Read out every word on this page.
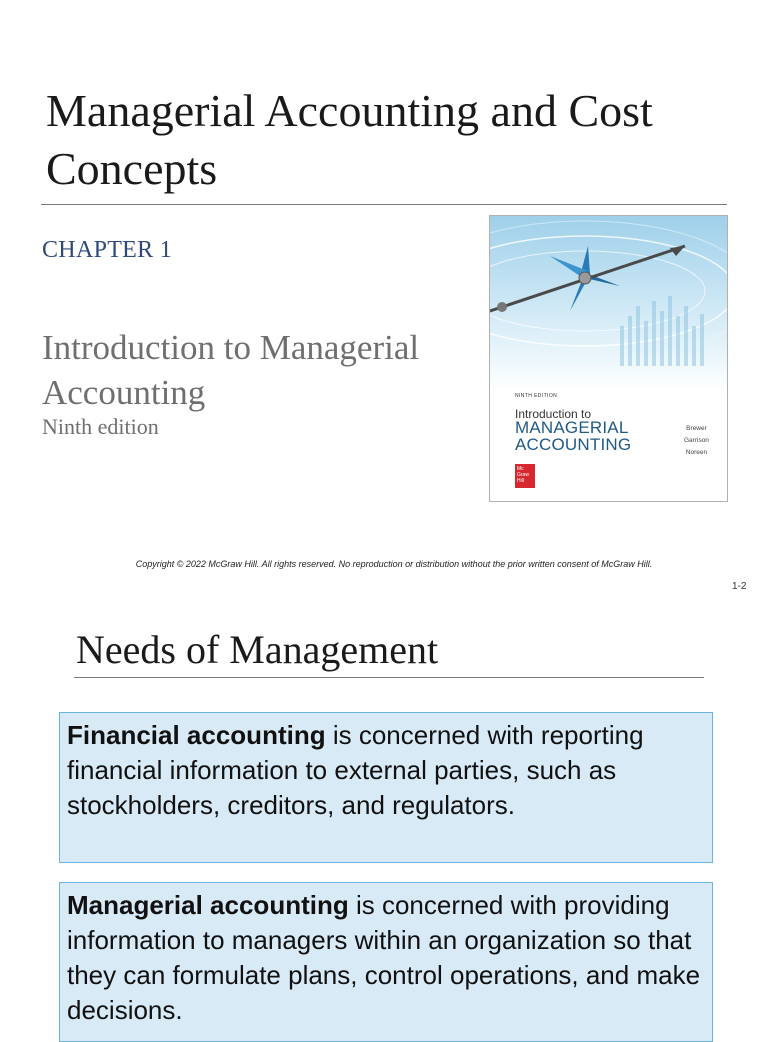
Managerial Accounting and Cost Concepts
CHAPTER 1
Introduction to Managerial Accounting
Ninth edition
NINTH EDITION
Introduction to
MANAGERIAL
ACCOUNTING
Brewer
Garrison
Noreen
Mc Graw Hill
Copyright © 2022 McGraw Hill. All rights reserved. No reproduction or distribution without the prior written consent of McGraw Hill.
1-2
Needs of Management
Financial accounting is concerned with reporting financial information to external parties, such as stockholders, creditors, and regulators.
Managerial accounting is concerned with providing information to managers within an organization so that they can formulate plans, control operations, and make decisions.
